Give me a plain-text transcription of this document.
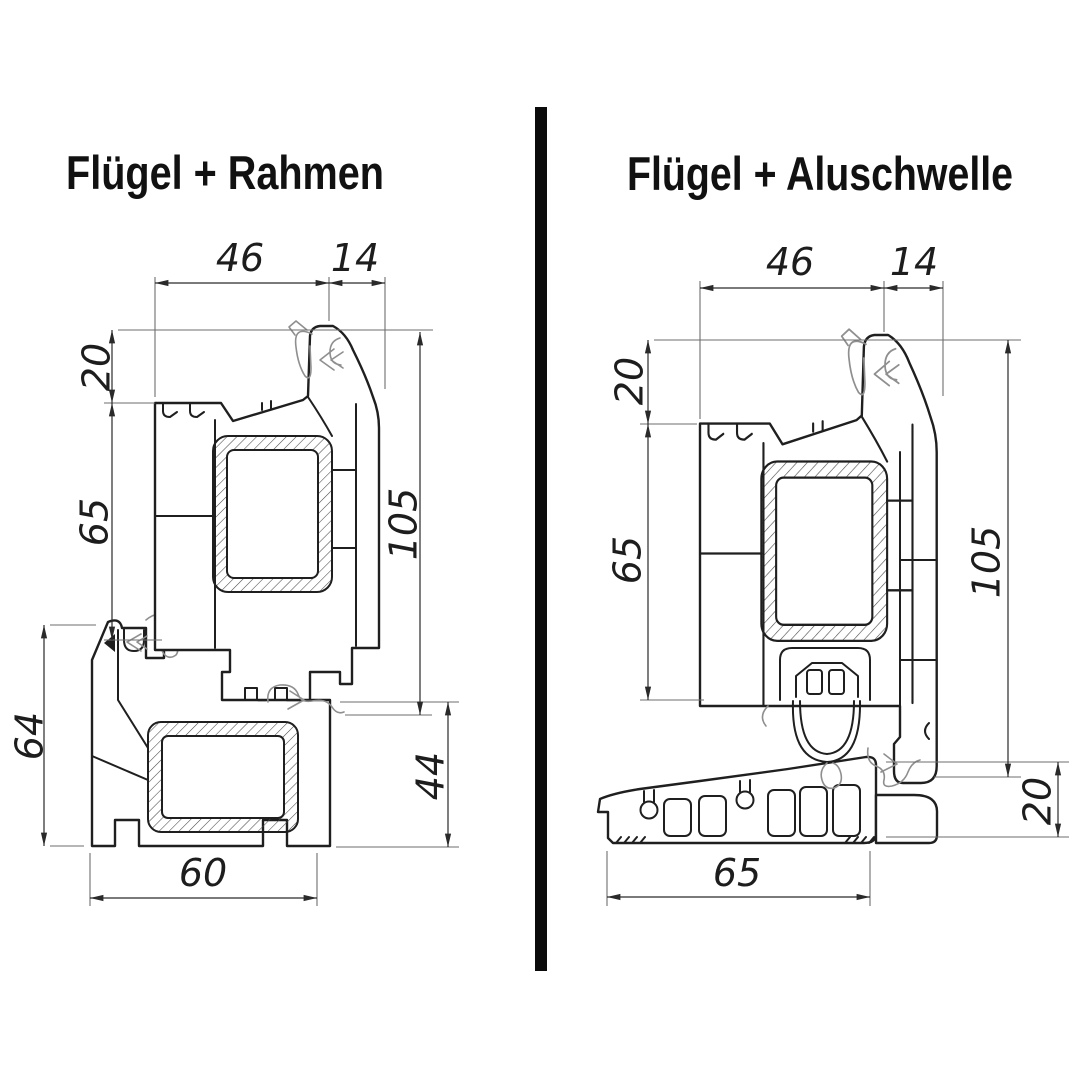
46 14
20
65	105
64
44
60
Flügel + Rahmen
46 14
20
65	105
20
65
Flügel + Aluschwelle
